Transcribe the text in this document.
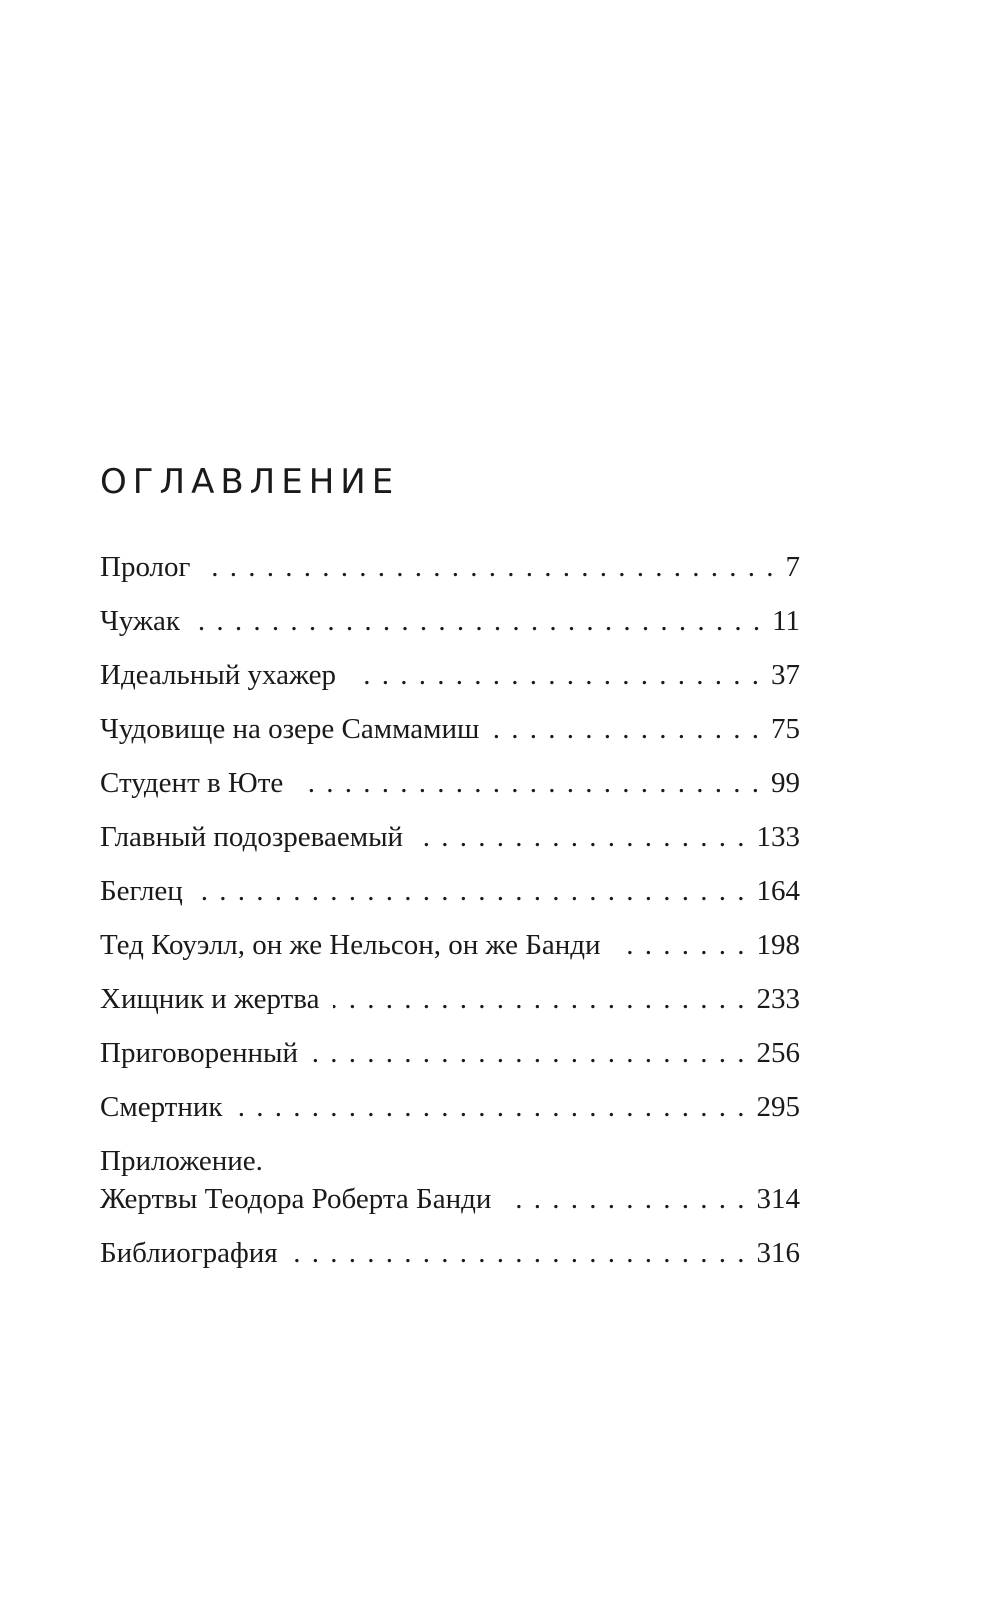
ОГЛАВЛЕНИЕ
Пролог . . .	7
Чужак . . .	11
Идеальный ухажер . . .	37
Чудовище на озере Саммамиш . . .	75
Студент в Юте . . .	99
Главный подозреваемый . . .	133
Беглец . . .	164
Тед Коуэлл, он же Нельсон, он же Банди . . .	198
Хищник и жертва . . .	233
Приговоренный . . .	256
Смертник . . .	295
Приложение.
Жертвы Теодора Роберта Банди . . .	314
Библиография . . .	316
